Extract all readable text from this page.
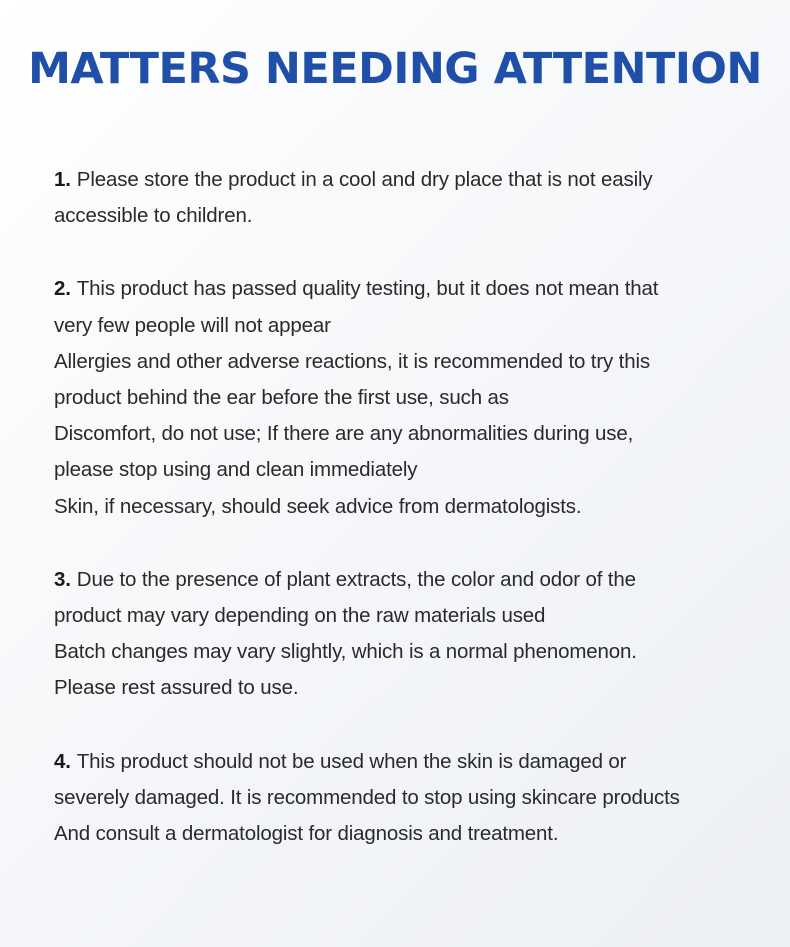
MATTERS NEEDING ATTENTION
1. Please store the product in a cool and dry place that is not easily
accessible to children.
2. This product has passed quality testing, but it does not mean that
very few people will not appear
Allergies and other adverse reactions, it is recommended to try this
product behind the ear before the first use, such as
Discomfort, do not use; If there are any abnormalities during use,
please stop using and clean immediately
Skin, if necessary, should seek advice from dermatologists.
3. Due to the presence of plant extracts, the color and odor of the
product may vary depending on the raw materials used
Batch changes may vary slightly, which is a normal phenomenon.
Please rest assured to use.
4. This product should not be used when the skin is damaged or
severely damaged. It is recommended to stop using skincare products
And consult a dermatologist for diagnosis and treatment.
